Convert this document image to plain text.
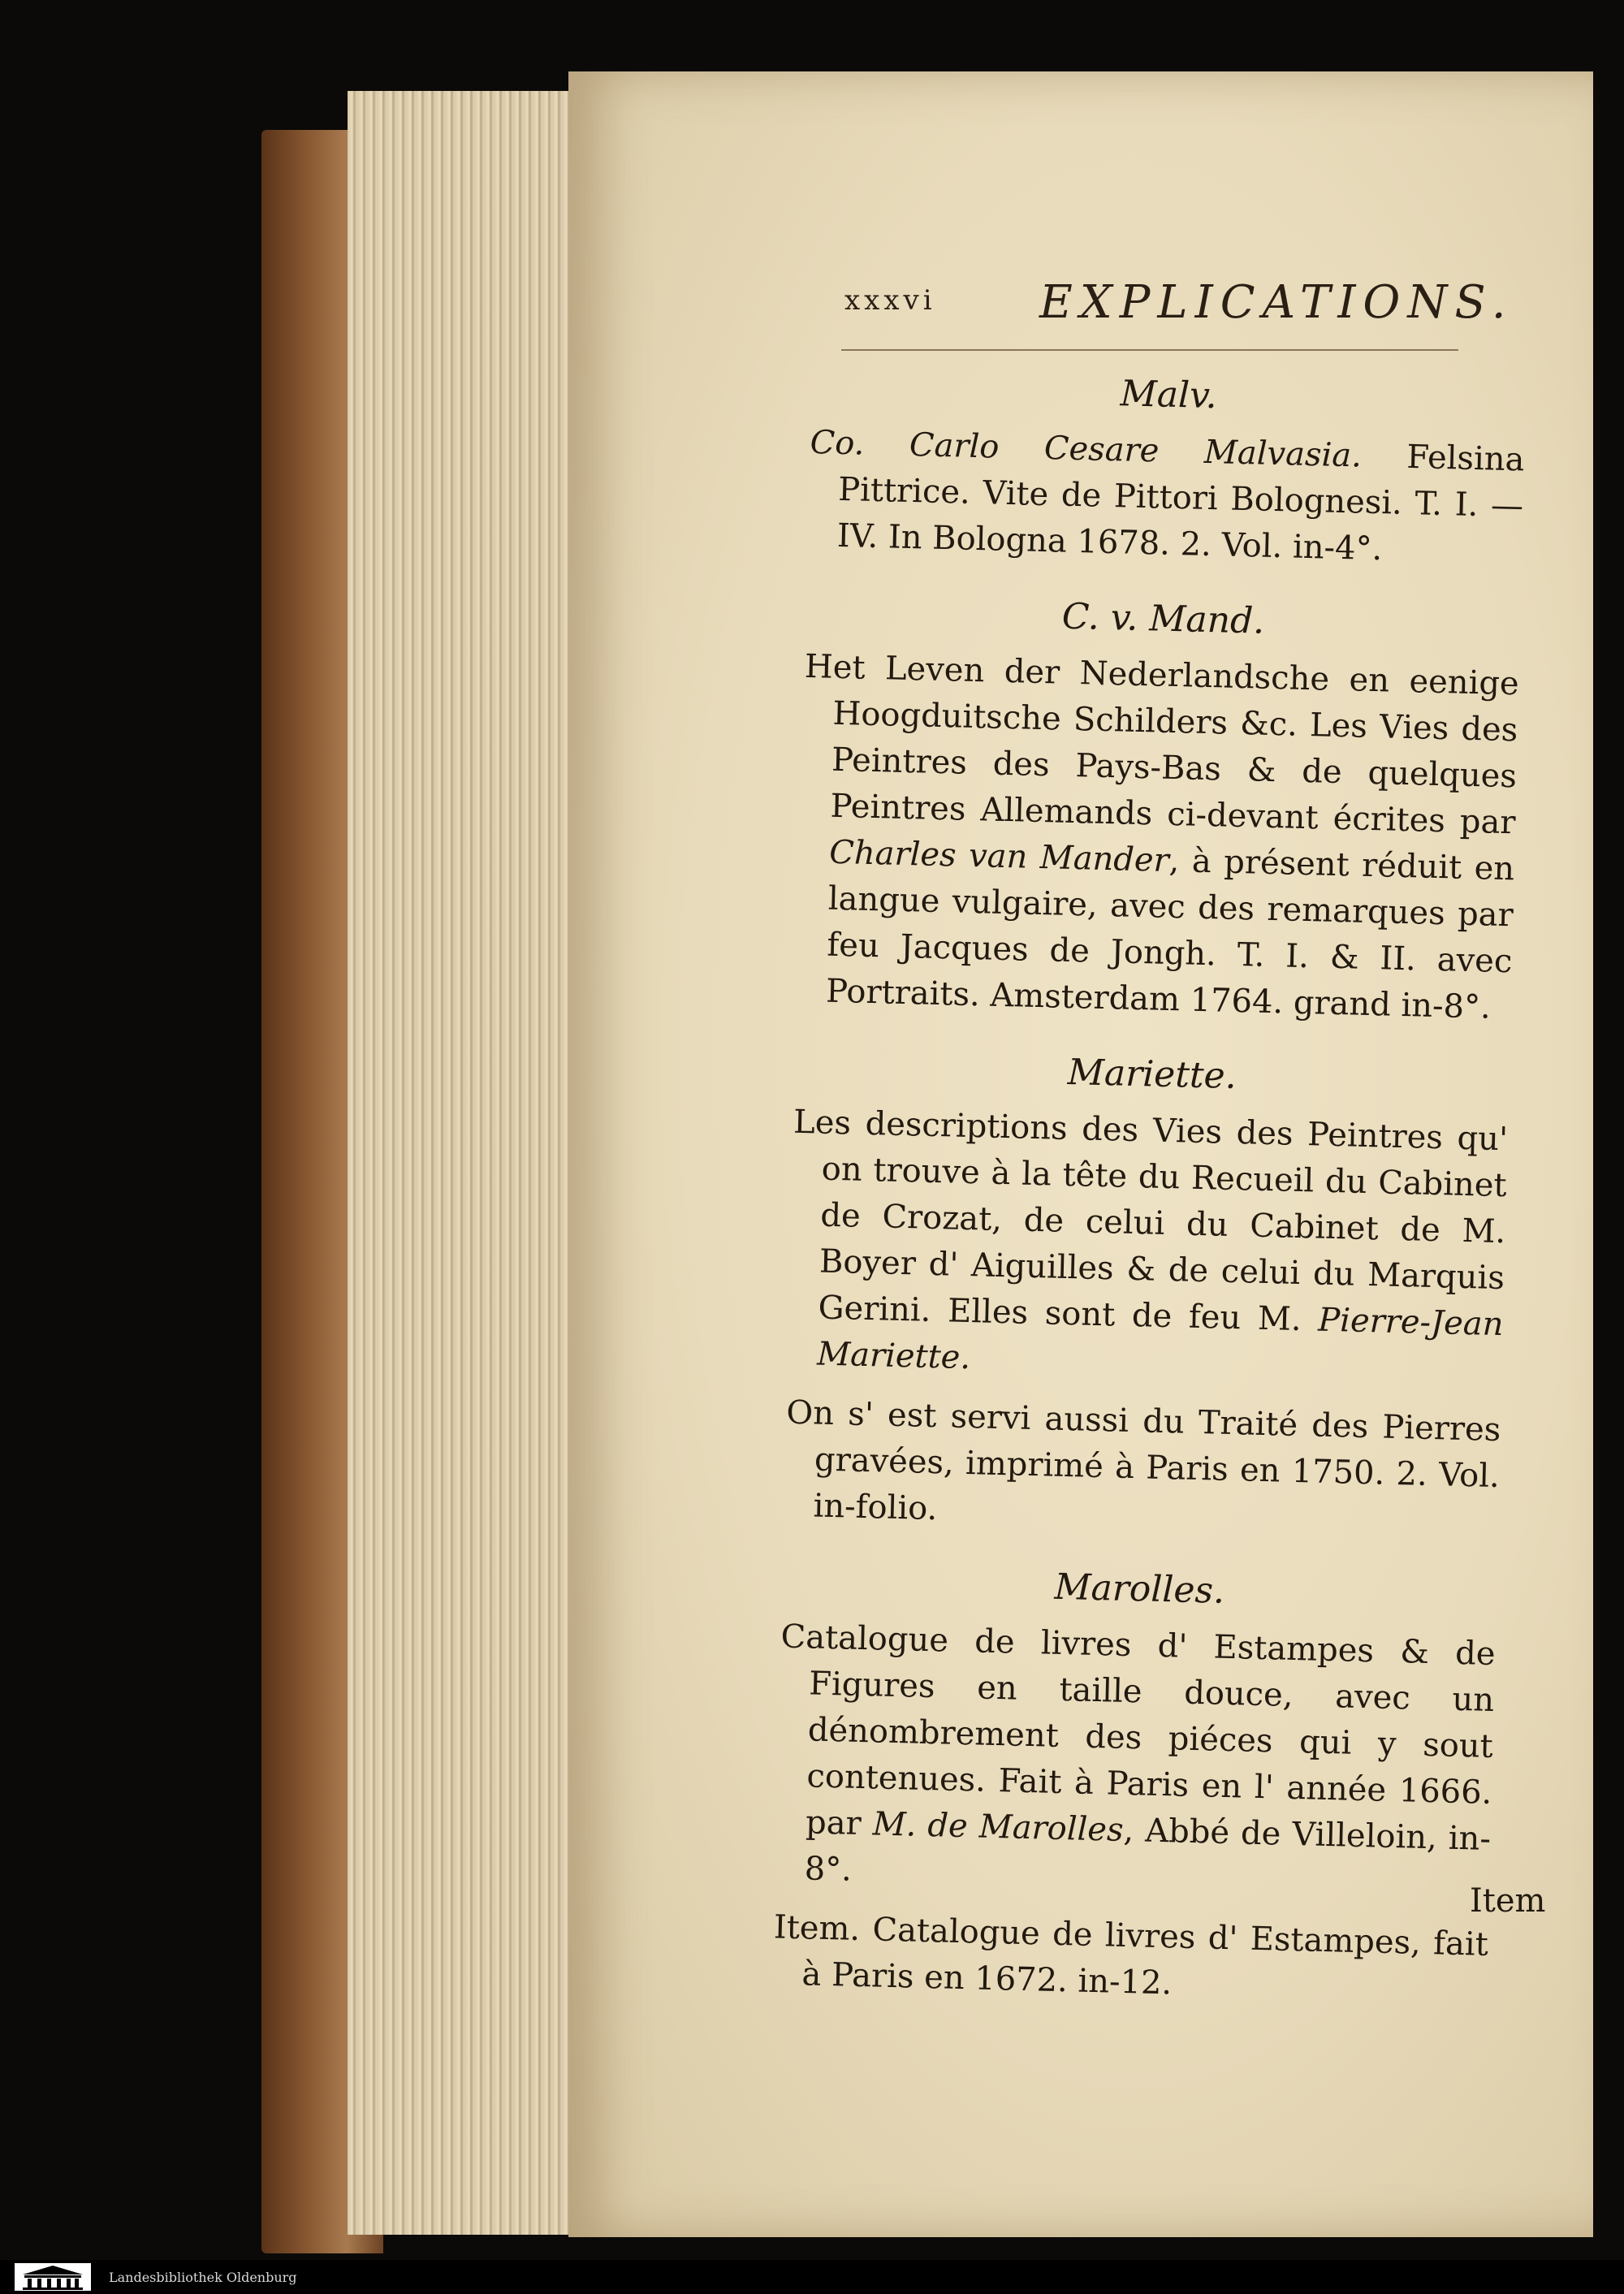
xxxvi EXPLICATIONS.
Malv.

Co. Carlo Cesare Malvasia. Felsina Pittrice. Vite de Pittori Bolognesi. T. I. — IV. In Bologna 1678. 2. Vol. in-4°.

C. v. Mand.

Het Leven der Nederlandsche en eenige Hoogduitsche Schilders &c. Les Vies des Peintres des Pays-Bas & de quelques Peintres Allemands ci-devant écrites par Charles van Mander, à présent réduit en langue vulgaire, avec des remarques par feu Jacques de Jongh. T. I. & II. avec Portraits. Amsterdam 1764. grand in-8°.

Mariette.

Les descriptions des Vies des Peintres qu' on trouve à la tête du Recueil du Cabinet de Crozat, de celui du Cabinet de M. Boyer d' Aiguilles & de celui du Marquis Gerini. Elles sont de feu M. Pierre-Jean Mariette.

On s' est servi aussi du Traité des Pierres gravées, imprimé à Paris en 1750. 2. Vol. in-folio.

Marolles.

Catalogue de livres d' Estampes & de Figures en taille douce, avec un dénombrement des piéces qui y sout contenues. Fait à Paris en l' année 1666. par M. de Marolles, Abbé de Villeloin, in-8°.

Item. Catalogue de livres d' Estampes, fait à Paris en 1672. in-12.

Item
Landesbibliothek Oldenburg
